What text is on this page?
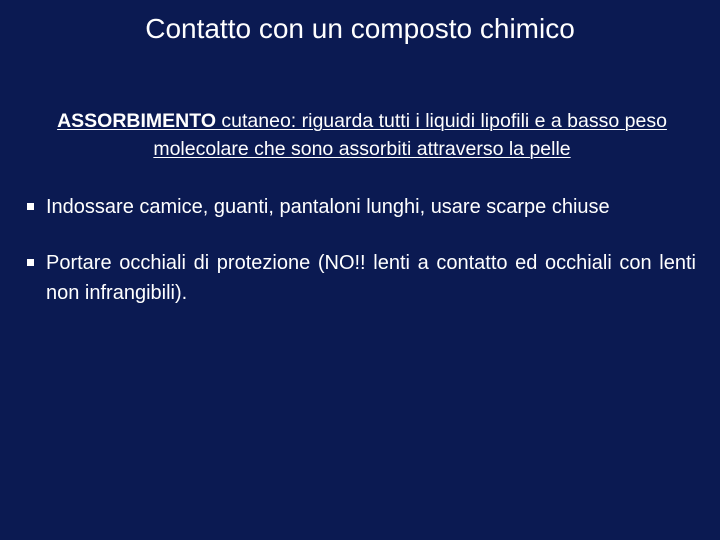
Contatto con un composto chimico
ASSORBIMENTO cutaneo: riguarda tutti i liquidi lipofili e a basso peso molecolare che sono assorbiti attraverso la pelle
Indossare camice, guanti, pantaloni lunghi, usare scarpe chiuse
Portare occhiali di protezione (NO!! lenti a contatto ed occhiali con lenti non infrangibili).
